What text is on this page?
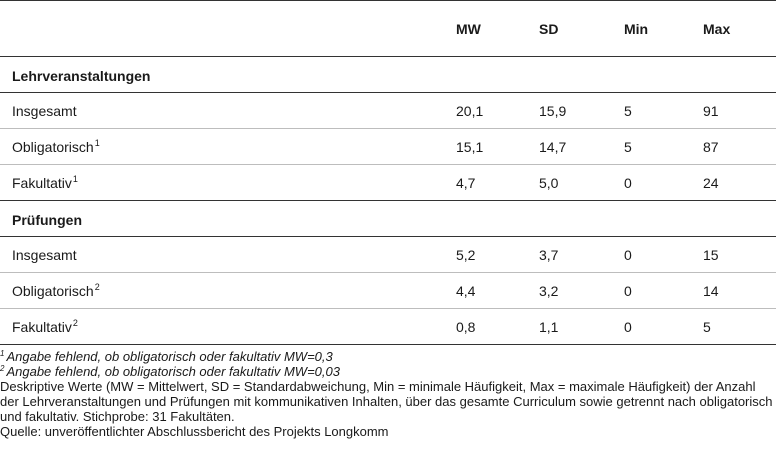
	MW	SD	Min	Max
Lehrveranstaltungen				
Insgesamt	20,1	15,9	5	91
Obligatorisch$^1$	15,1	14,7	5	87
Fakultativ$^1$	4,7	5,0	0	24
Prüfungen				
Insgesamt	5,2	3,7	0	15
Obligatorisch$^2$	4,4	3,2	0	14
Fakultativ$^2$	0,8	1,1	0	5

$^1$ Angabe fehlend, ob obligatorisch oder fakultativ MW=0,3

$^2$ Angabe fehlend, ob obligatorisch oder fakultativ MW=0,03

Deskriptive Werte (MW = Mittelwert, SD = Standardabweichung, Min = minimale Häufigkeit, Max = maximale Häufigkeit) der Anzahl der Lehrveranstaltungen und Prüfungen mit kommunikativen Inhalten, über das gesamte Curriculum sowie getrennt nach obligatorisch und fakultativ. Stichprobe: 31 Fakultäten.

Quelle: unveröffentlichter Abschlussbericht des Projekts Longkomm
